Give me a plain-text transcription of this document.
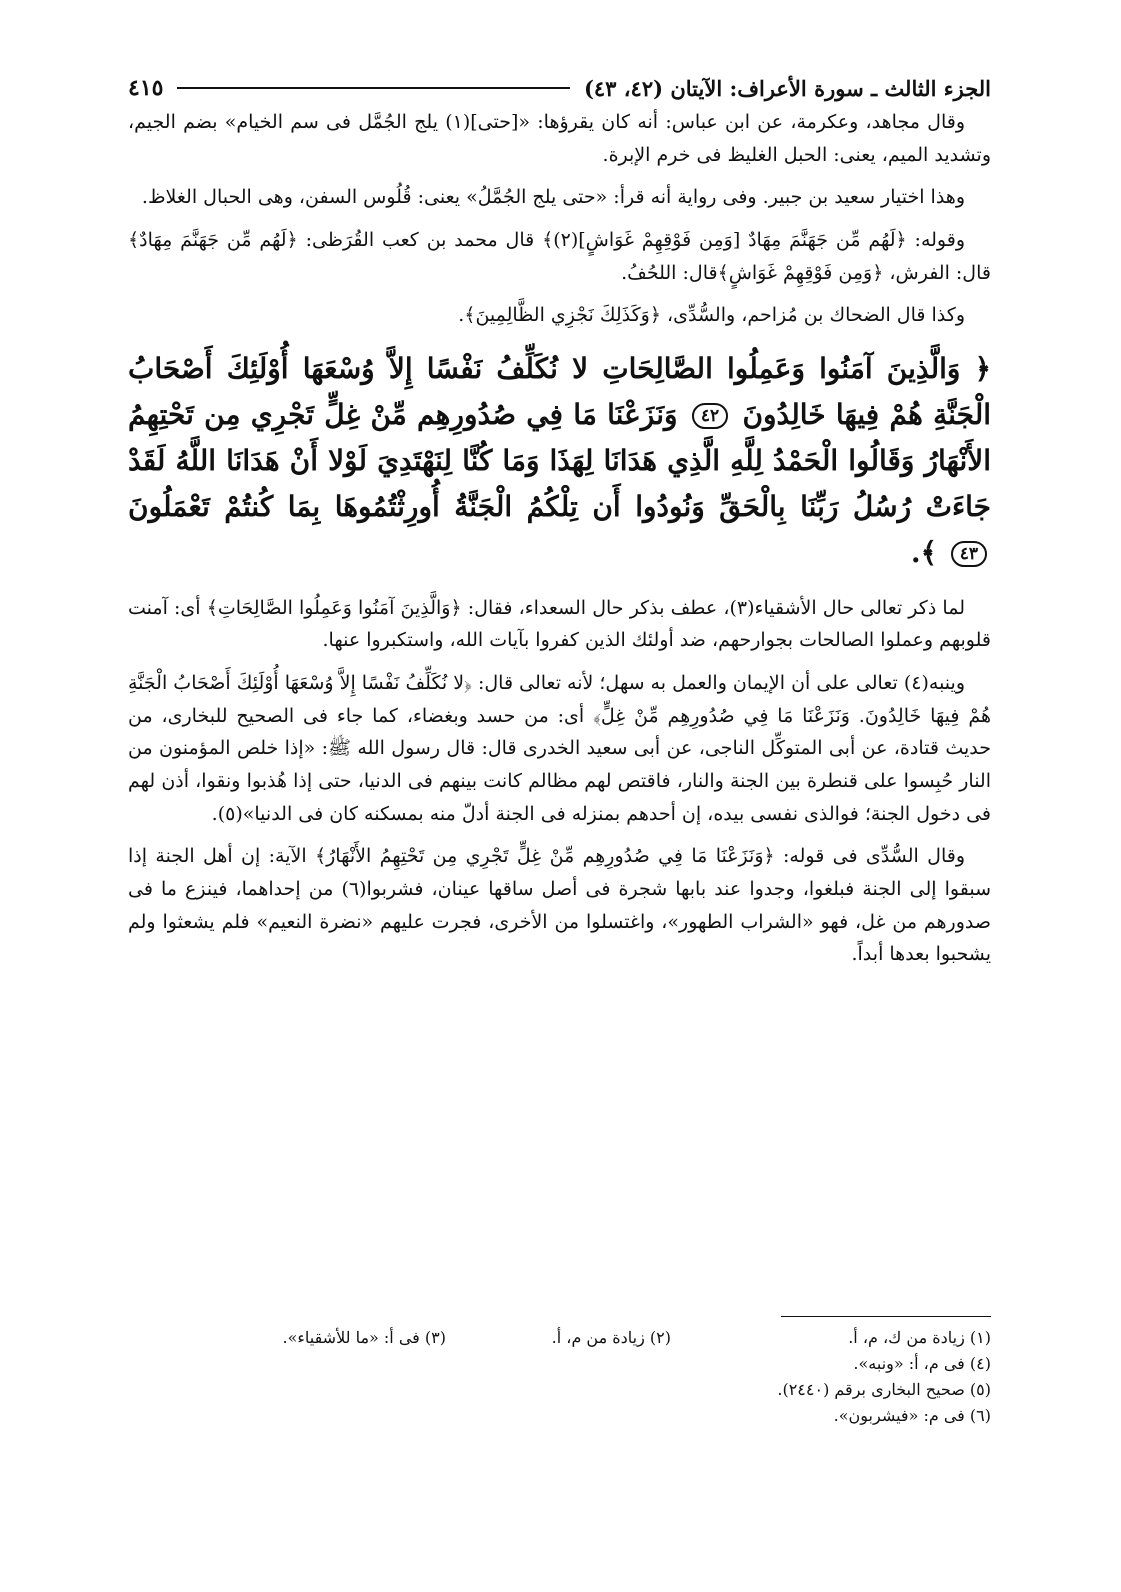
الجزء الثالث ـ سورة الأعراف: الآيتان (٤٢، ٤٣)
٤١٥

وقال مجاهد، وعكرمة، عن ابن عباس: أنه كان يقرؤها: «[حتى](١) يلج الجُمَّل فى سم الخيام» بضم الجيم، وتشديد الميم، يعنى: الحبل الغليظ فى خرم الإبرة.

وهذا اختيار سعيد بن جبير. وفى رواية أنه قرأ: «حتى يلج الجُمَّلُ» يعنى: قُلُوس السفن، وهى الحبال الغلاظ.

وقوله: ﴿لَهُم مِّن جَهَنَّمَ مِهَادٌ [وَمِن فَوْقِهِمْ غَوَاشٍ](٢)﴾ قال محمد بن كعب القُرَظى: ﴿لَهُم مِّن جَهَنَّمَ مِهَادٌ﴾ قال: الفرش، ﴿وَمِن فَوْقِهِمْ غَوَاشٍ﴾قال: اللحُفُ.

وكذا قال الضحاك بن مُزاحم، والسُّدِّى، ﴿وَكَذَلِكَ نَجْزِي الظَّالِمِينَ﴾.

﴿ وَالَّذِينَ آمَنُوا وَعَمِلُوا الصَّالِحَاتِ لا نُكَلِّفُ نَفْسًا إِلاَّ وُسْعَهَا أُوْلَئِكَ أَصْحَابُ الْجَنَّةِ هُمْ فِيهَا خَالِدُونَ ٤٢ وَنَزَعْنَا مَا فِي صُدُورِهِم مِّنْ غِلٍّ تَجْرِي مِن تَحْتِهِمُ الأَنْهَارُ وَقَالُوا الْحَمْدُ لِلَّهِ الَّذِي هَدَانَا لِهَذَا وَمَا كُنَّا لِنَهْتَدِيَ لَوْلا أَنْ هَدَانَا اللَّهُ لَقَدْ جَاءَتْ رُسُلُ رَبِّنَا بِالْحَقِّ وَنُودُوا أَن تِلْكُمُ الْجَنَّةُ أُورِثْتُمُوهَا بِمَا كُنتُمْ تَعْمَلُونَ ٤٣ ﴾.

لما ذكر تعالى حال الأشقياء(٣)، عطف بذكر حال السعداء، فقال: ﴿وَالَّذِينَ آمَنُوا وَعَمِلُوا الصَّالِحَاتِ﴾ أى: آمنت قلوبهم وعملوا الصالحات بجوارحهم، ضد أولئك الذين كفروا بآيات الله، واستكبروا عنها.

وينبه(٤) تعالى على أن الإيمان والعمل به سهل؛ لأنه تعالى قال: ﴿لا نُكَلِّفُ نَفْسًا إِلاَّ وُسْعَهَا أُوْلَئِكَ أَصْحَابُ الْجَنَّةِ هُمْ فِيهَا خَالِدُونَ. وَنَزَعْنَا مَا فِي صُدُورِهِم مِّنْ غِلٍّ﴾ أى: من حسد وبغضاء، كما جاء فى الصحيح للبخارى، من حديث قتادة، عن أبى المتوكِّل الناجى، عن أبى سعيد الخدرى قال: قال رسول الله ﷺ: «إذا خلص المؤمنون من النار حُبِسوا على قنطرة بين الجنة والنار، فاقتص لهم مظالم كانت بينهم فى الدنيا، حتى إذا هُذبوا ونقوا، أذن لهم فى دخول الجنة؛ فوالذى نفسى بيده، إن أحدهم بمنزله فى الجنة أدلّ منه بمسكنه كان فى الدنيا»(٥).

وقال السُّدِّى فى قوله: ﴿وَنَزَعْنَا مَا فِي صُدُورِهِم مِّنْ غِلٍّ تَجْرِي مِن تَحْتِهِمُ الأَنْهَارُ﴾ الآية: إن أهل الجنة إذا سبقوا إلى الجنة فبلغوا، وجدوا عند بابها شجرة فى أصل ساقها عينان، فشربوا(٦) من إحداهما، فينزع ما فى صدورهم من غل، فهو «الشراب الطهور»، واغتسلوا من الأخرى، فجرت عليهم «نضرة النعيم» فلم يشعثوا ولم يشحبوا بعدها أبداً.

(١) زيادة من ك، م، أ.
(٢) زيادة من م، أ.
(٣) فى أ: «ما للأشقياء».
(٤) فى م، أ: «ونبه».
(٥) صحيح البخارى برقم (٢٤٤٠).
(٦) فى م: «فيشربون».
